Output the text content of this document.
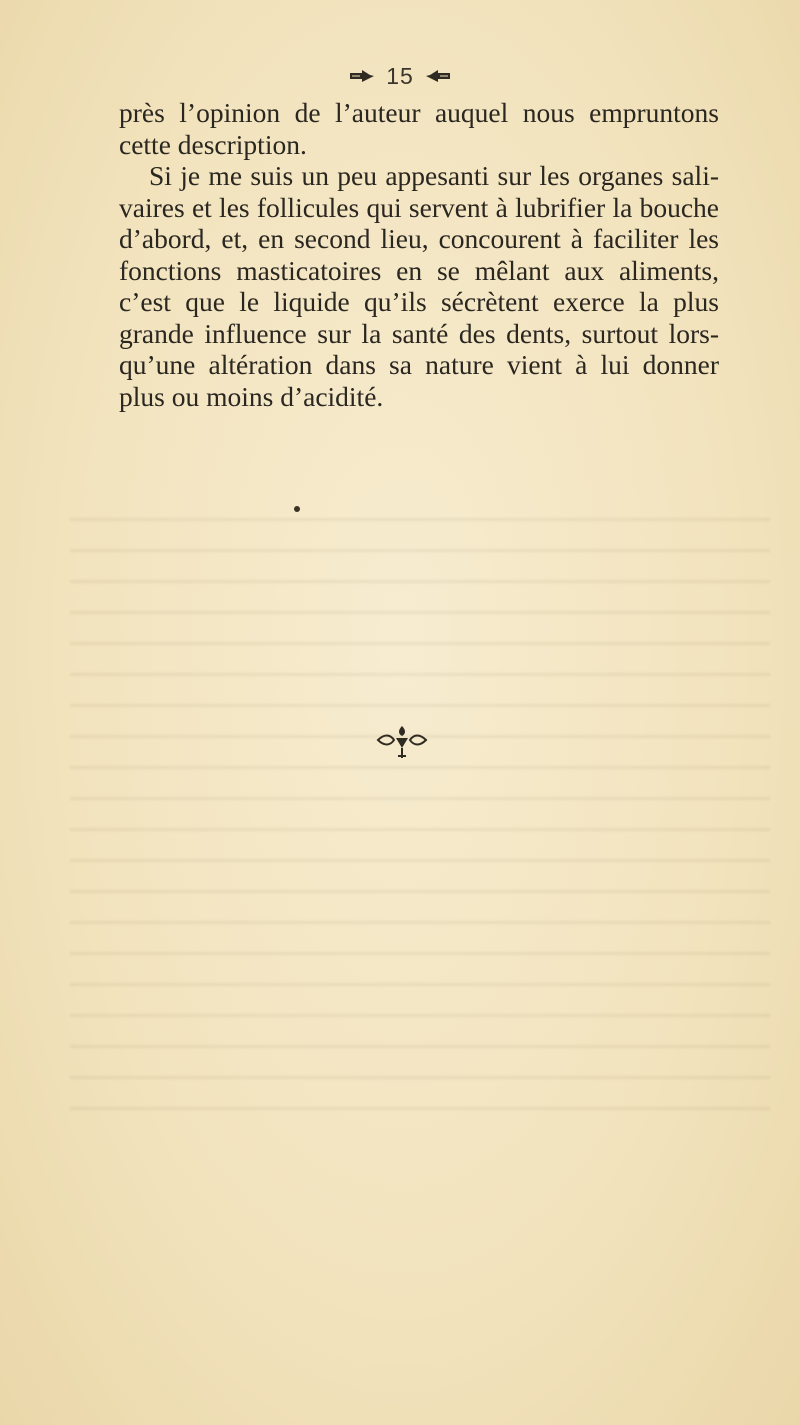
15
près l’opinion de l’auteur auquel nous empruntons
cette description.
Si je me suis un peu appesanti sur les organes sali-
vaires et les follicules qui servent à lubrifier la bouche
d’abord, et, en second lieu, concourent à faciliter les
fonctions masticatoires en se mêlant aux aliments,
c’est que le liquide qu’ils sécrètent exerce la plus
grande influence sur la santé des dents, surtout lors-
qu’une altération dans sa nature vient à lui donner
plus ou moins d’acidité.
